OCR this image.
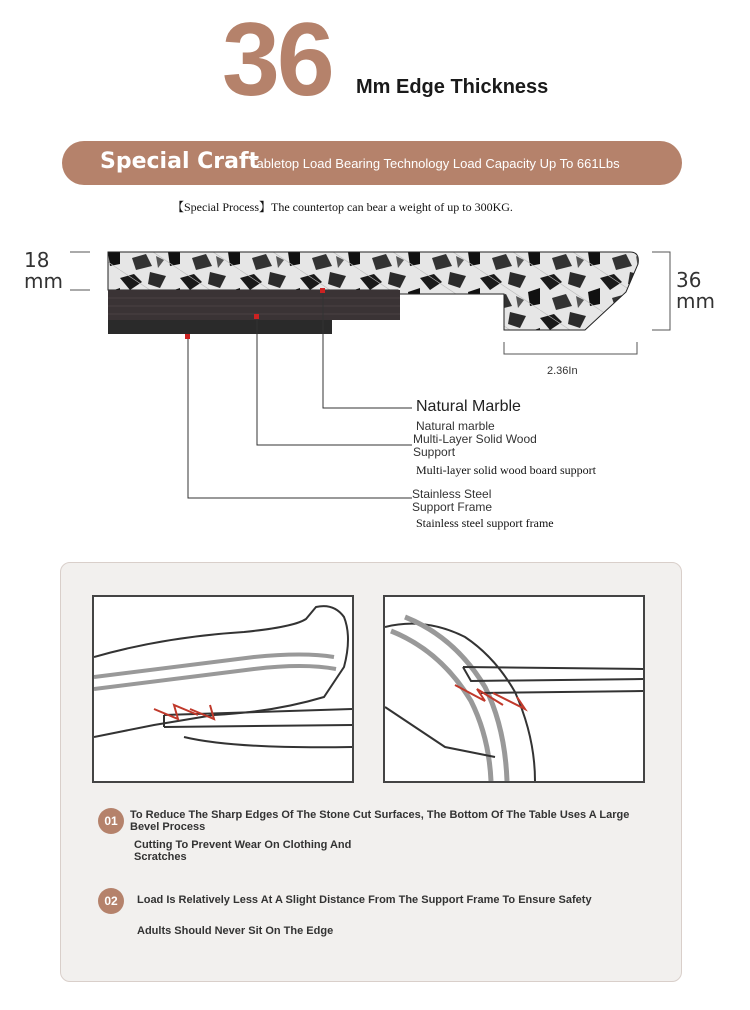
36 Mm Edge Thickness
Special Craft
Tabletop Load Bearing Technology Load Capacity Up To 661Lbs
【Special Process】The countertop can bear a weight of up to 300KG.
18
mm	36
mm
2.36In
Natural Marble
Natural marble
Multi-Layer Solid Wood Support
Multi-layer solid wood board support
Stainless Steel Support Frame
Stainless steel support frame
01	To Reduce The Sharp Edges Of The Stone Cut Surfaces, The Bottom Of The Table Uses A Large Bevel Process
Cutting To Prevent Wear On Clothing And Scratches
02	Load Is Relatively Less At A Slight Distance From The Support Frame To Ensure Safety
Adults Should Never Sit On The Edge
